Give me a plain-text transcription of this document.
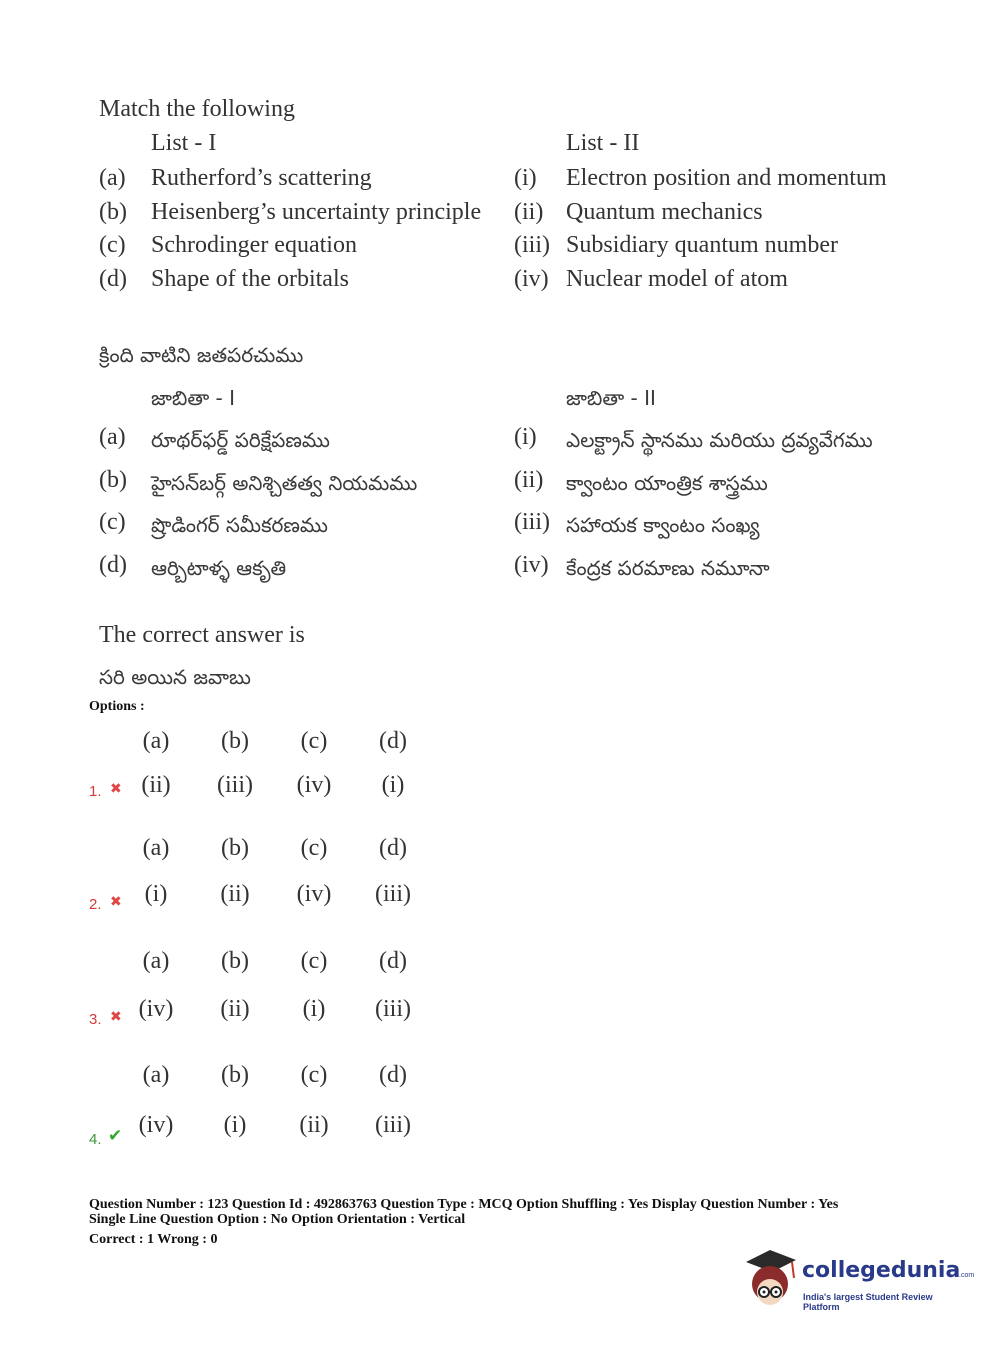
Match the following
List - I	List - II
(a) Rutherford’s scattering	(i) Electron position and momentum
(b) Heisenberg’s uncertainty principle (ii) Quantum mechanics
(c) Schrodinger equation	(iii) Subsidiary quantum number
(d) Shape of the orbitals	(iv) Nuclear model of atom
క్రింది వాటిని జతపరచుము
జాబితా - I	జాబితా - II
(a) రూథర్‌ఫర్డ్ పరిక్షేపణము	(i) ఎలక్ట్రాన్ స్థానము మరియు ద్రవ్యవేగము
(b) హైసన్‌బర్గ్ అనిశ్చితత్వ నియమము	(ii) క్వాంటం యాంత్రిక శాస్త్రము
(c) ష్రొడింగర్ సమీకరణము	(iii) సహాయక క్వాంటం సంఖ్య
(d) ఆర్బిటాళ్ళ ఆకృతి	(iv) కేంద్రక పరమాణు నమూనా
The correct answer is
సరి అయిన జవాబు
Options :
(a)	(b)	(c)	(d)
1. ✖ (ii)	(iii)	(iv)	(i)
(a)	(b)	(c)	(d)
2. ✖ (i)	(ii)	(iv)	(iii)
(a)	(b)	(c)	(d)
3. ✖ (iv)	(ii)	(i)	(iii)
(a)	(b)	(c)	(d)
4. ✔ (iv)	(i)	(ii)	(iii)
Question Number : 123 Question Id : 492863763 Question Type : MCQ Option Shuffling : Yes Display Question Number : Yes
Single Line Question Option : No Option Orientation : Vertical
Correct : 1 Wrong : 0
collegedunia
.com
India's largest Student Review Platform
